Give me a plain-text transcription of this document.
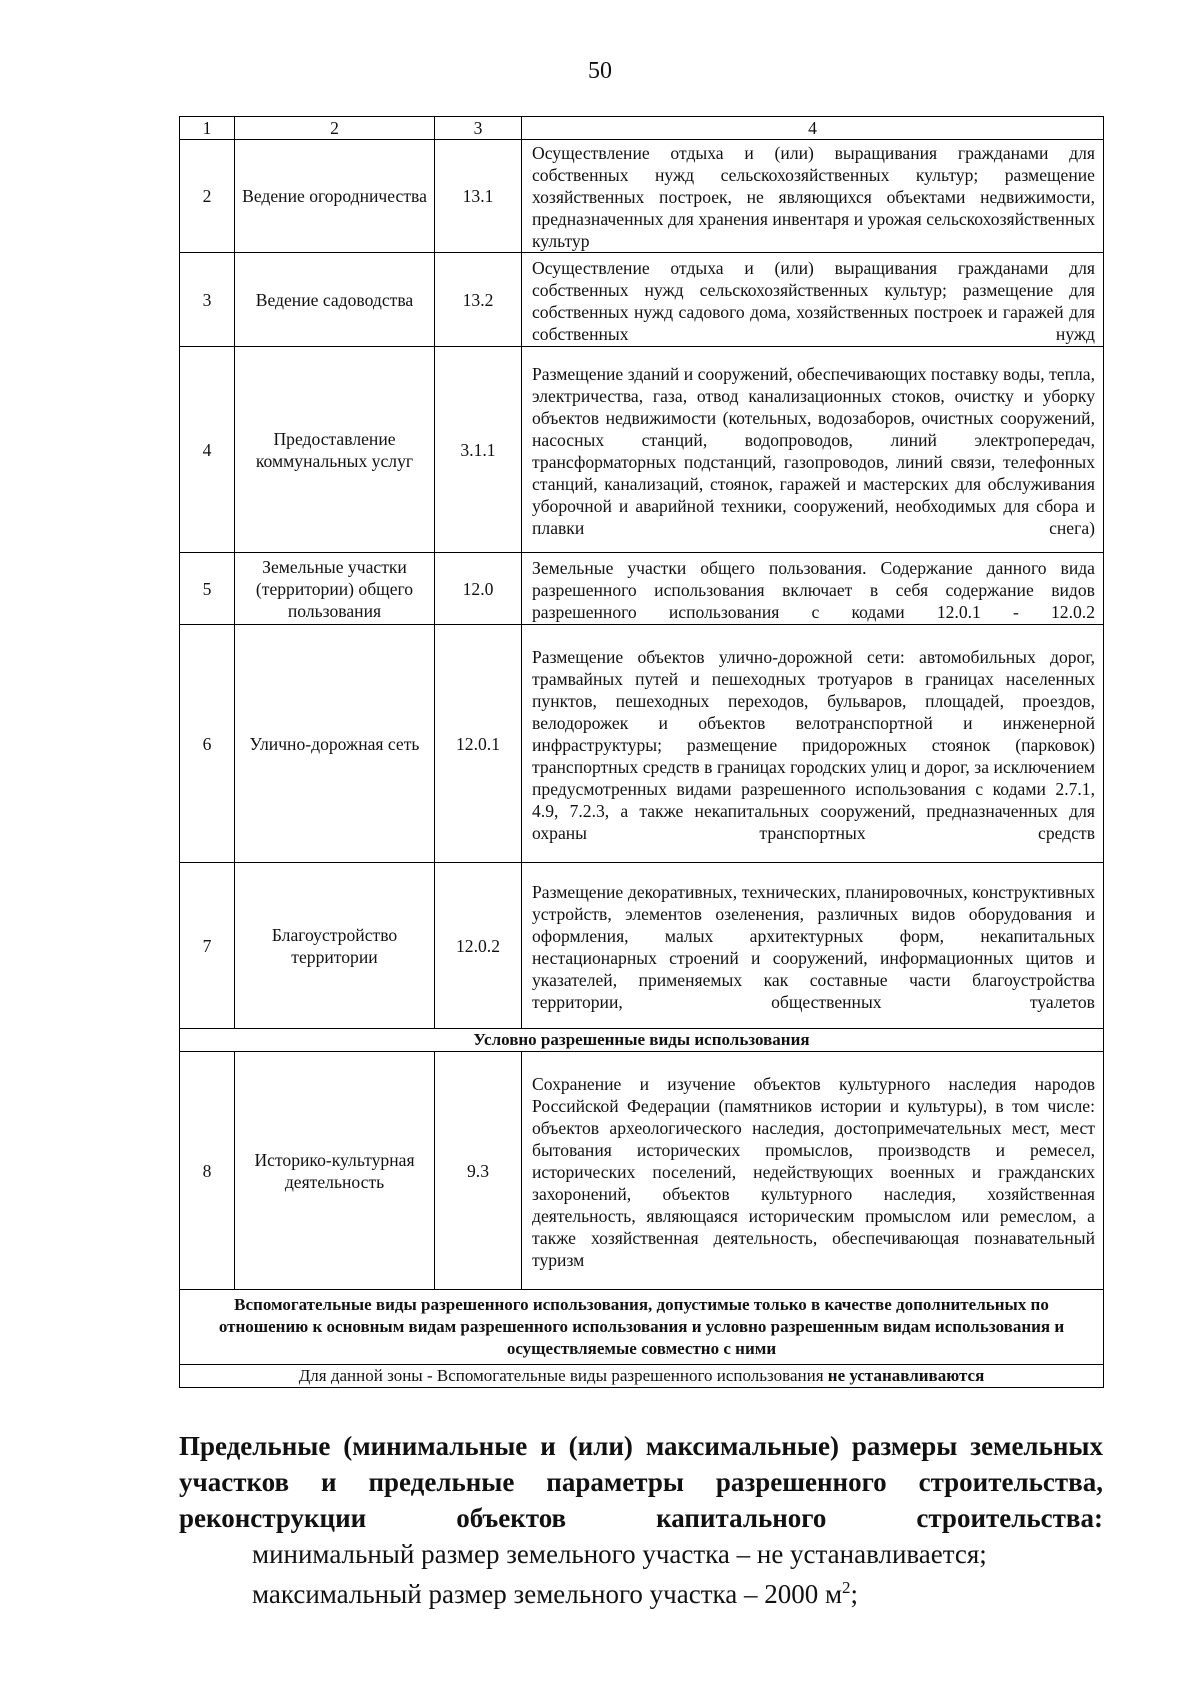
50
1	2	3	4
2	Ведение огородничества	13.1	Осуществление отдыха и (или) выращивания гражданами для собственных нужд сельскохозяйственных культур; размещение хозяйственных построек, не являющихся объектами недвижимости, предназначенных для хранения инвентаря и урожая сельскохозяйственных культур
3	Ведение садоводства	13.2	Осуществление отдыха и (или) выращивания гражданами для собственных нужд сельскохозяйственных культур; размещение для собственных нужд садового дома, хозяйственных построек и гаражей для собственных нужд
4	Предоставление коммунальных услуг	3.1.1	Размещение зданий и сооружений, обеспечивающих поставку воды, тепла, электричества, газа, отвод канализационных стоков, очистку и уборку объектов недвижимости (котельных, водозаборов, очистных сооружений, насосных станций, водопроводов, линий электропередач, трансформаторных подстанций, газопроводов, линий связи, телефонных станций, канализаций, стоянок, гаражей и мастерских для обслуживания уборочной и аварийной техники, сооружений, необходимых для сбора и плавки снега)
5	Земельные участки (территории) общего пользования	12.0	Земельные участки общего пользования. Содержание данного вида разрешенного использования включает в себя содержание видов разрешенного использования с кодами 12.0.1 - 12.0.2
6	Улично-дорожная сеть	12.0.1	Размещение объектов улично-дорожной сети: автомобильных дорог, трамвайных путей и пешеходных тротуаров в границах населенных пунктов, пешеходных переходов, бульваров, площадей, проездов, велодорожек и объектов велотранспортной и инженерной инфраструктуры; размещение придорожных стоянок (парковок) транспортных средств в границах городских улиц и дорог, за исключением предусмотренных видами разрешенного использования с кодами 2.7.1, 4.9, 7.2.3, а также некапитальных сооружений, предназначенных для охраны транспортных средств
7	Благоустройство территории	12.0.2	Размещение декоративных, технических, планировочных, конструктивных устройств, элементов озеленения, различных видов оборудования и оформления, малых архитектурных форм, некапитальных нестационарных строений и сооружений, информационных щитов и указателей, применяемых как составные части благоустройства территории, общественных туалетов
Условно разрешенные виды использования			
8	Историко-культурная деятельность	9.3	Сохранение и изучение объектов культурного наследия народов Российской Федерации (памятников истории и культуры), в том числе: объектов археологического наследия, достопримечательных мест, мест бытования исторических промыслов, производств и ремесел, исторических поселений, недействующих военных и гражданских захоронений, объектов культурного наследия, хозяйственная деятельность, являющаяся историческим промыслом или ремеслом, а также хозяйственная деятельность, обеспечивающая познавательный туризм
Вспомогательные виды разрешенного использования, допустимые только в качестве дополнительных по отношению к основным видам разрешенного использования и условно разрешенным видам использования и осуществляемые совместно с ними			
Для данной зоны - Вспомогательные виды разрешенного использования не устанавливаются			
Предельные (минимальные и (или) максимальные) размеры земельных участков и предельные параметры разрешенного строительства, реконструкции объектов капитального строительства:
минимальный размер земельного участка – не устанавливается;
максимальный размер земельного участка – 2000 $м^2$;
